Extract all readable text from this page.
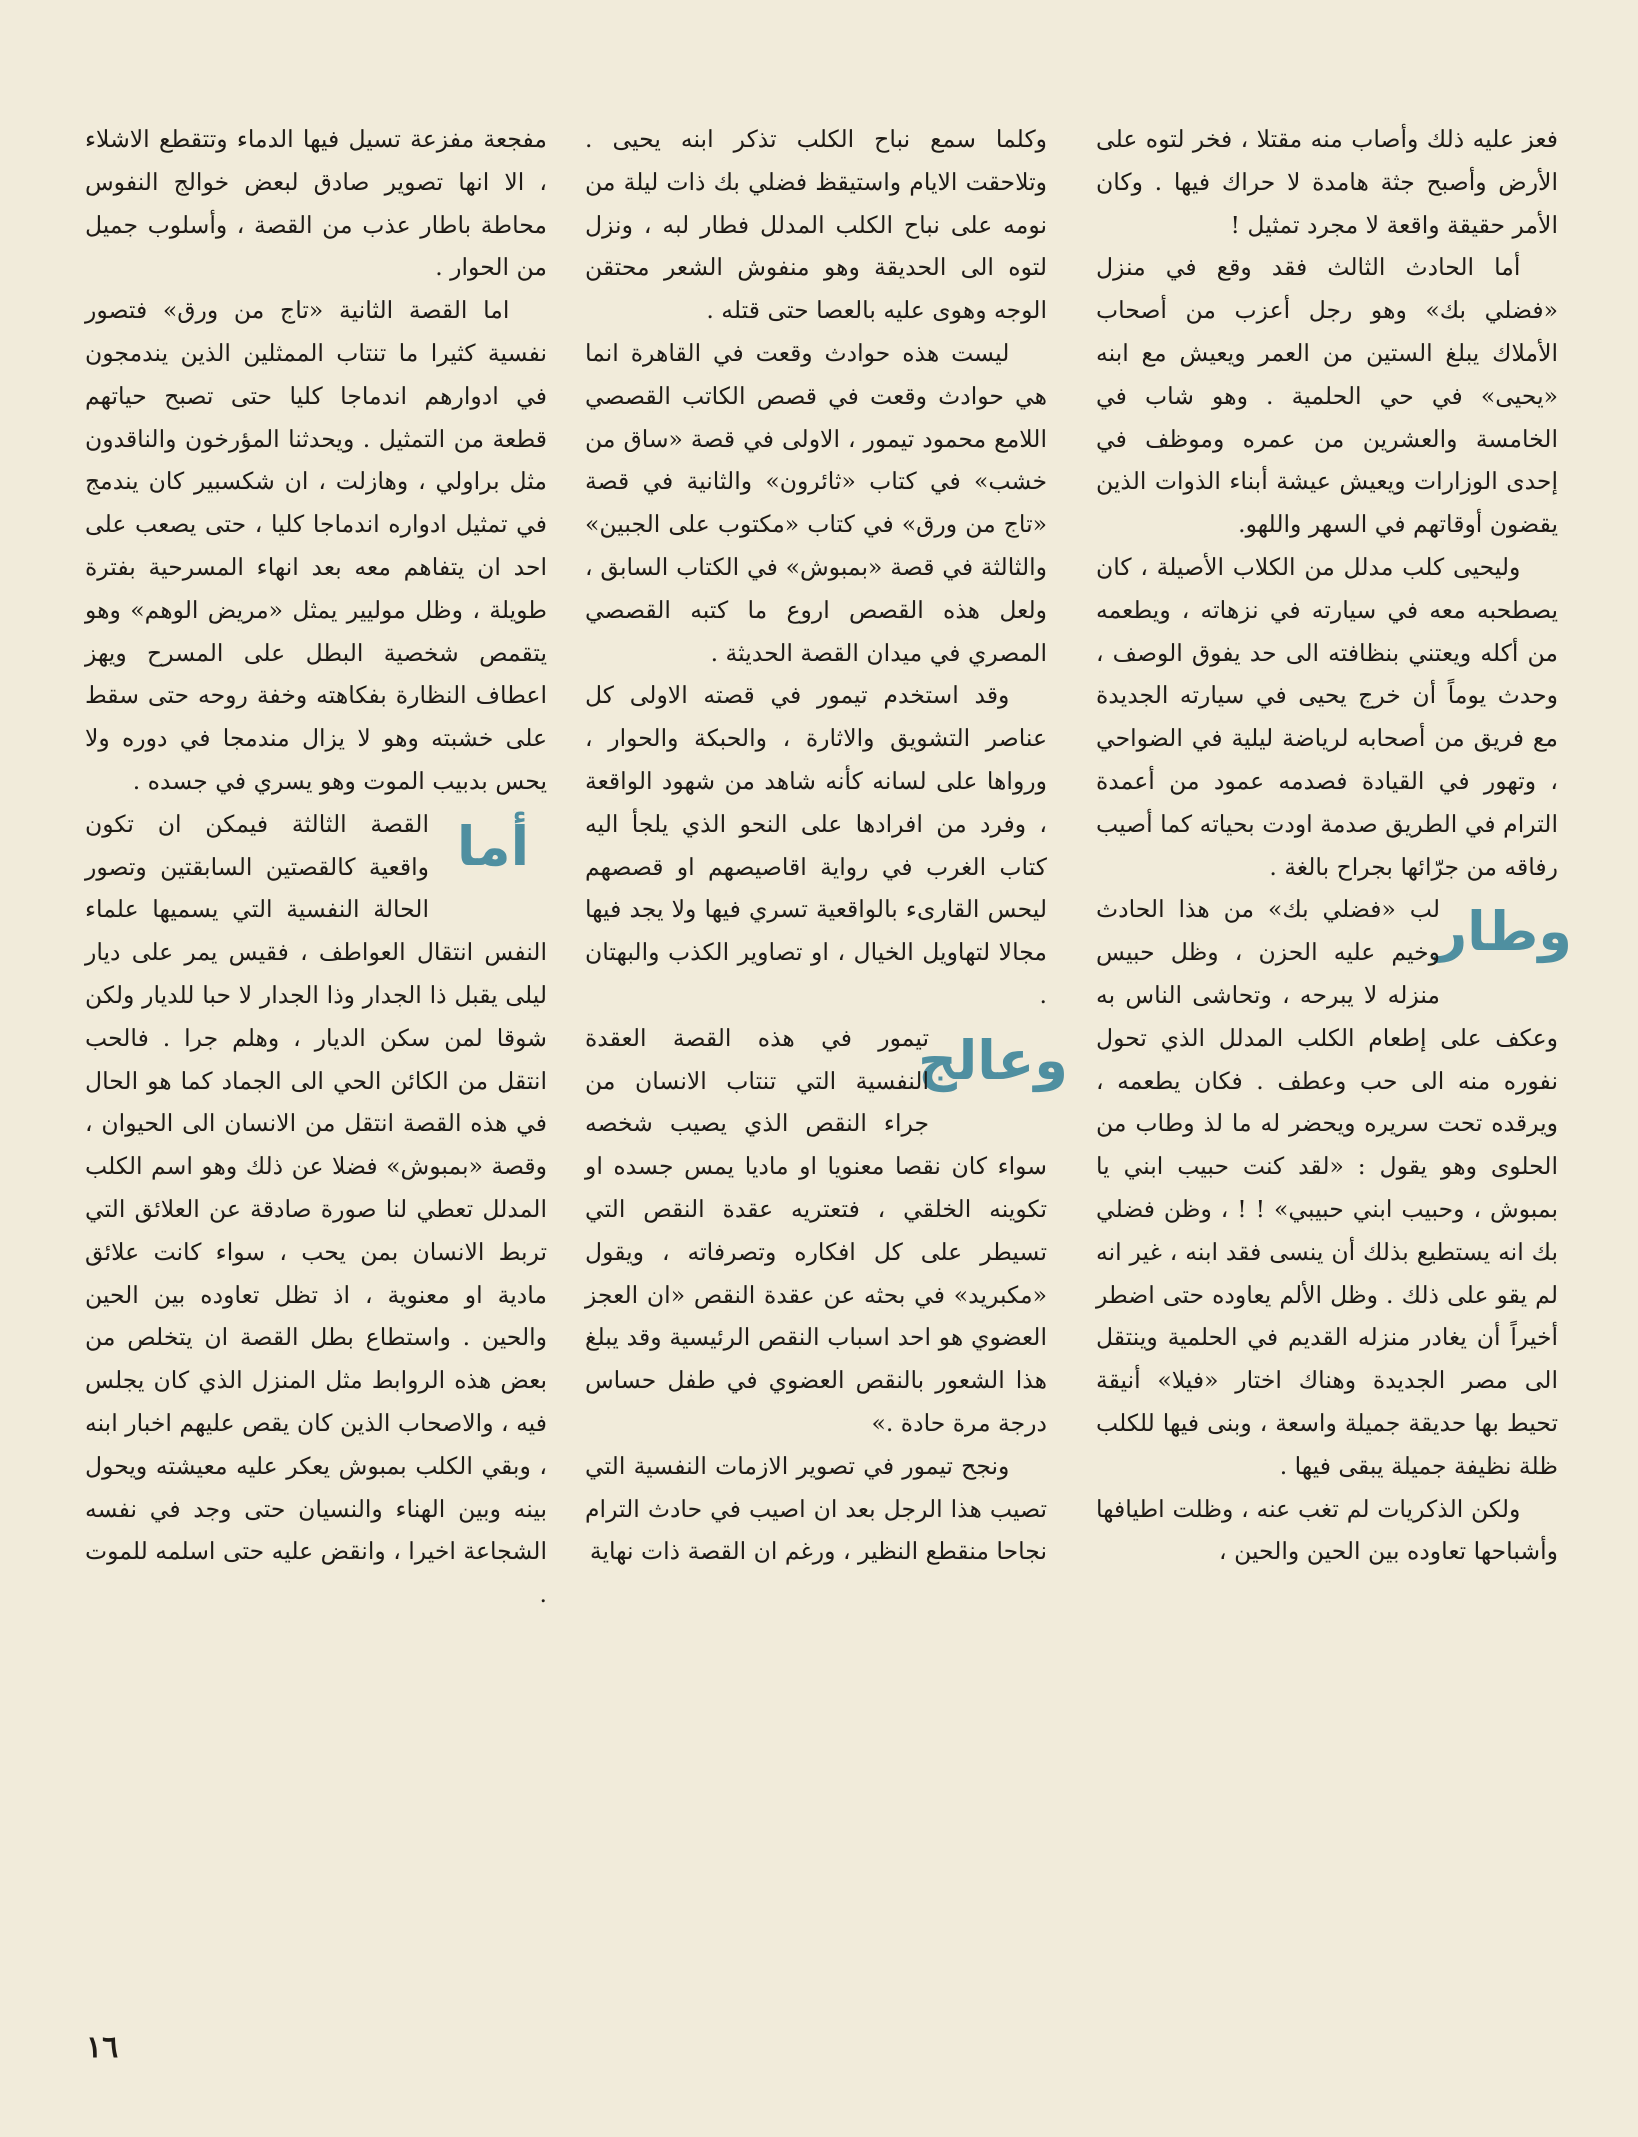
فعز عليه ذلك وأصاب منه مقتلا ، فخر لتوه على الأرض وأصبح جثة هامدة لا حراك فيها . وكان الأمر حقيقة واقعة لا مجرد تمثيل !

أما الحادث الثالث فقد وقع في منزل «فضلي بك» وهو رجل أعزب من أصحاب الأملاك يبلغ الستين من العمر ويعيش مع ابنه «يحيى» في حي الحلمية . وهو شاب في الخامسة والعشرين من عمره وموظف في إحدى الوزارات ويعيش عيشة أبناء الذوات الذين يقضون أوقاتهم في السهر واللهو.

وليحيى كلب مدلل من الكلاب الأصيلة ، كان يصطحبه معه في سيارته في نزهاته ، ويطعمه من أكله ويعتني بنظافته الى حد يفوق الوصف ، وحدث يوماً أن خرج يحيى في سيارته الجديدة مع فريق من أصحابه لرياضة ليلية في الضواحي ، وتهور في القيادة فصدمه عمود من أعمدة الترام في الطريق صدمة اودت بحياته كما أصيب رفاقه من جرّائها بجراح بالغة .

وطار
لب «فضلي بك» من هذا الحادث وخيم عليه الحزن ، وظل حبيس منزله لا يبرحه ، وتحاشى الناس به وعكف على إطعام الكلب المدلل الذي تحول نفوره منه الى حب وعطف . فكان يطعمه ، ويرقده تحت سريره ويحضر له ما لذ وطاب من الحلوى وهو يقول : «لقد كنت حبيب ابني يا بمبوش ، وحبيب ابني حبيبي» ! ! ، وظن فضلي بك انه يستطيع بذلك أن ينسى فقد ابنه ، غير انه لم يقو على ذلك . وظل الألم يعاوده حتى اضطر أخيراً أن يغادر منزله القديم في الحلمية وينتقل الى مصر الجديدة وهناك اختار «فيلا» أنيقة تحيط بها حديقة جميلة واسعة ، وبنى فيها للكلب ظلة نظيفة جميلة يبقى فيها .

ولكن الذكريات لم تغب عنه ، وظلت اطيافها وأشباحها تعاوده بين الحين والحين ،

وكلما سمع نباح الكلب تذكر ابنه يحيى . وتلاحقت الايام واستيقظ فضلي بك ذات ليلة من نومه على نباح الكلب المدلل فطار لبه ، ونزل لتوه الى الحديقة وهو منفوش الشعر محتقن الوجه وهوى عليه بالعصا حتى قتله .

ليست هذه حوادث وقعت في القاهرة انما هي حوادث وقعت في قصص الكاتب القصصي اللامع محمود تيمور ، الاولى في قصة «ساق من خشب» في كتاب «ثائرون» والثانية في قصة «تاج من ورق» في كتاب «مكتوب على الجبين» والثالثة في قصة «بمبوش» في الكتاب السابق ، ولعل هذه القصص اروع ما كتبه القصصي المصري في ميدان القصة الحديثة .

وقد استخدم تيمور في قصته الاولى كل عناصر التشويق والاثارة ، والحبكة والحوار ، ورواها على لسانه كأنه شاهد من شهود الواقعة ، وفرد من افرادها على النحو الذي يلجأ اليه كتاب الغرب في رواية اقاصيصهم او قصصهم ليحس القارىء بالواقعية تسري فيها ولا يجد فيها مجالا لتهاويل الخيال ، او تصاوير الكذب والبهتان .

وعالج
تيمور في هذه القصة العقدة النفسية التي تنتاب الانسان من جراء النقص الذي يصيب شخصه سواء كان نقصا معنويا او ماديا يمس جسده او تكوينه الخلقي ، فتعتريه عقدة النقص التي تسيطر على كل افكاره وتصرفاته ، ويقول «مكبريد» في بحثه عن عقدة النقص «ان العجز العضوي هو احد اسباب النقص الرئيسية وقد يبلغ هذا الشعور بالنقص العضوي في طفل حساس درجة مرة حادة .»

ونجح تيمور في تصوير الازمات النفسية التي تصيب هذا الرجل بعد ان اصيب في حادث الترام نجاحا منقطع النظير ، ورغم ان القصة ذات نهاية

مفجعة مفزعة تسيل فيها الدماء وتتقطع الاشلاء ، الا انها تصوير صادق لبعض خوالج النفوس محاطة باطار عذب من القصة ، وأسلوب جميل من الحوار .

اما القصة الثانية «تاج من ورق» فتصور نفسية كثيرا ما تنتاب الممثلين الذين يندمجون في ادوارهم اندماجا كليا حتى تصبح حياتهم قطعة من التمثيل . ويحدثنا المؤرخون والناقدون مثل براولي ، وهازلت ، ان شكسبير كان يندمج في تمثيل ادواره اندماجا كليا ، حتى يصعب على احد ان يتفاهم معه بعد انهاء المسرحية بفترة طويلة ، وظل موليير يمثل «مريض الوهم» وهو يتقمص شخصية البطل على المسرح ويهز اعطاف النظارة بفكاهته وخفة روحه حتى سقط على خشبته وهو لا يزال مندمجا في دوره ولا يحس بدبيب الموت وهو يسري في جسده .

أما
القصة الثالثة فيمكن ان تكون واقعية كالقصتين السابقتين وتصور الحالة النفسية التي يسميها علماء النفس انتقال العواطف ، فقيس يمر على ديار ليلى يقبل ذا الجدار وذا الجدار لا حبا للديار ولكن شوقا لمن سكن الديار ، وهلم جرا . فالحب انتقل من الكائن الحي الى الجماد كما هو الحال في هذه القصة انتقل من الانسان الى الحيوان ، وقصة «بمبوش» فضلا عن ذلك وهو اسم الكلب المدلل تعطي لنا صورة صادقة عن العلائق التي تربط الانسان بمن يحب ، سواء كانت علائق مادية او معنوية ، اذ تظل تعاوده بين الحين والحين . واستطاع بطل القصة ان يتخلص من بعض هذه الروابط مثل المنزل الذي كان يجلس فيه ، والاصحاب الذين كان يقص عليهم اخبار ابنه ، وبقي الكلب بمبوش يعكر عليه معيشته ويحول بينه وبين الهناء والنسيان حتى وجد في نفسه الشجاعة اخيرا ، وانقض عليه حتى اسلمه للموت .

١٦
